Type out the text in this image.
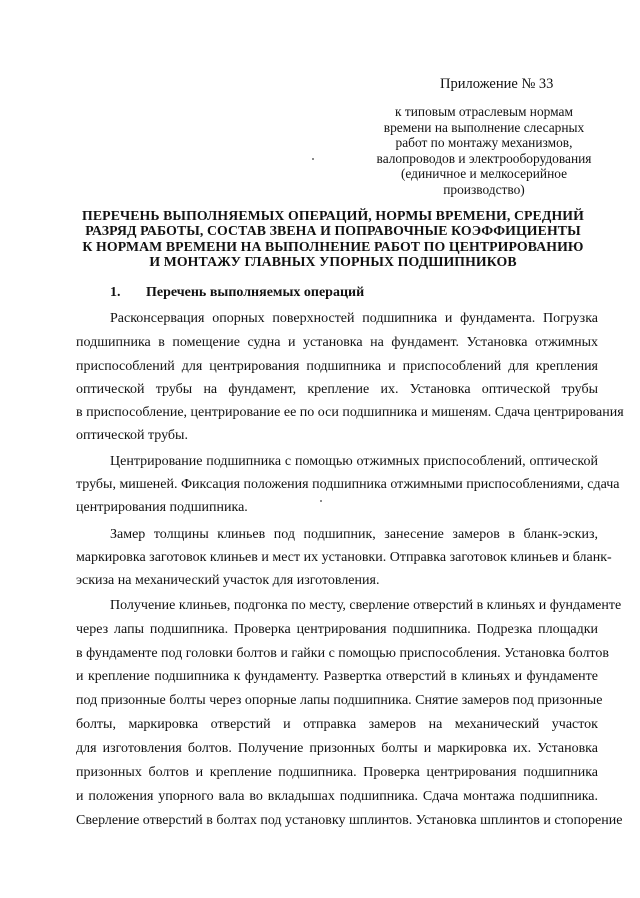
Приложение № 33
к типовым отраслевым нормам
времени на выполнение слесарных
работ по монтажу механизмов,
валопроводов и электрооборудования
(единичное и мелкосерийное
производство)
ПЕРЕЧЕНЬ ВЫПОЛНЯЕМЫХ ОПЕРАЦИЙ, НОРМЫ ВРЕМЕНИ, СРЕДНИЙ
РАЗРЯД РАБОТЫ, СОСТАВ ЗВЕНА И ПОПРАВОЧНЫЕ КОЭФФИЦИЕНТЫ
К НОРМАМ ВРЕМЕНИ НА ВЫПОЛНЕНИЕ РАБОТ ПО ЦЕНТРИРОВАНИЮ
И МОНТАЖУ ГЛАВНЫХ УПОРНЫХ ПОДШИПНИКОВ
1. Перечень выполняемых операций
Расконсервация опорных поверхностей подшипника и фундамента. Погрузка
подшипника в помещение судна и установка на фундамент. Установка отжимных
приспособлений для центрирования подшипника и приспособлений для крепления
оптической трубы на фундамент, крепление их. Установка оптической трубы
в приспособление, центрирование ее по оси подшипника и мишеням. Сдача центрирования
оптической трубы.
Центрирование подшипника с помощью отжимных приспособлений, оптической
трубы, мишеней. Фиксация положения подшипника отжимными приспособлениями, сдача
центрирования подшипника.
Замер толщины клиньев под подшипник, занесение замеров в бланк-эскиз,
маркировка заготовок клиньев и мест их установки. Отправка заготовок клиньев и бланк-
эскиза на механический участок для изготовления.
Получение клиньев, подгонка по месту, сверление отверстий в клиньях и фундаменте
через лапы подшипника. Проверка центрирования подшипника. Подрезка площадки
в фундаменте под головки болтов и гайки с помощью приспособления. Установка болтов
и крепление подшипника к фундаменту. Развертка отверстий в клиньях и фундаменте
под призонные болты через опорные лапы подшипника. Снятие замеров под призонные
болты, маркировка отверстий и отправка замеров на механический участок
для изготовления болтов. Получение призонных болты и маркировка их. Установка
призонных болтов и крепление подшипника. Проверка центрирования подшипника
и положения упорного вала во вкладышах подшипника. Сдача монтажа подшипника.
Сверление отверстий в болтах под установку шплинтов. Установка шплинтов и стопорение
